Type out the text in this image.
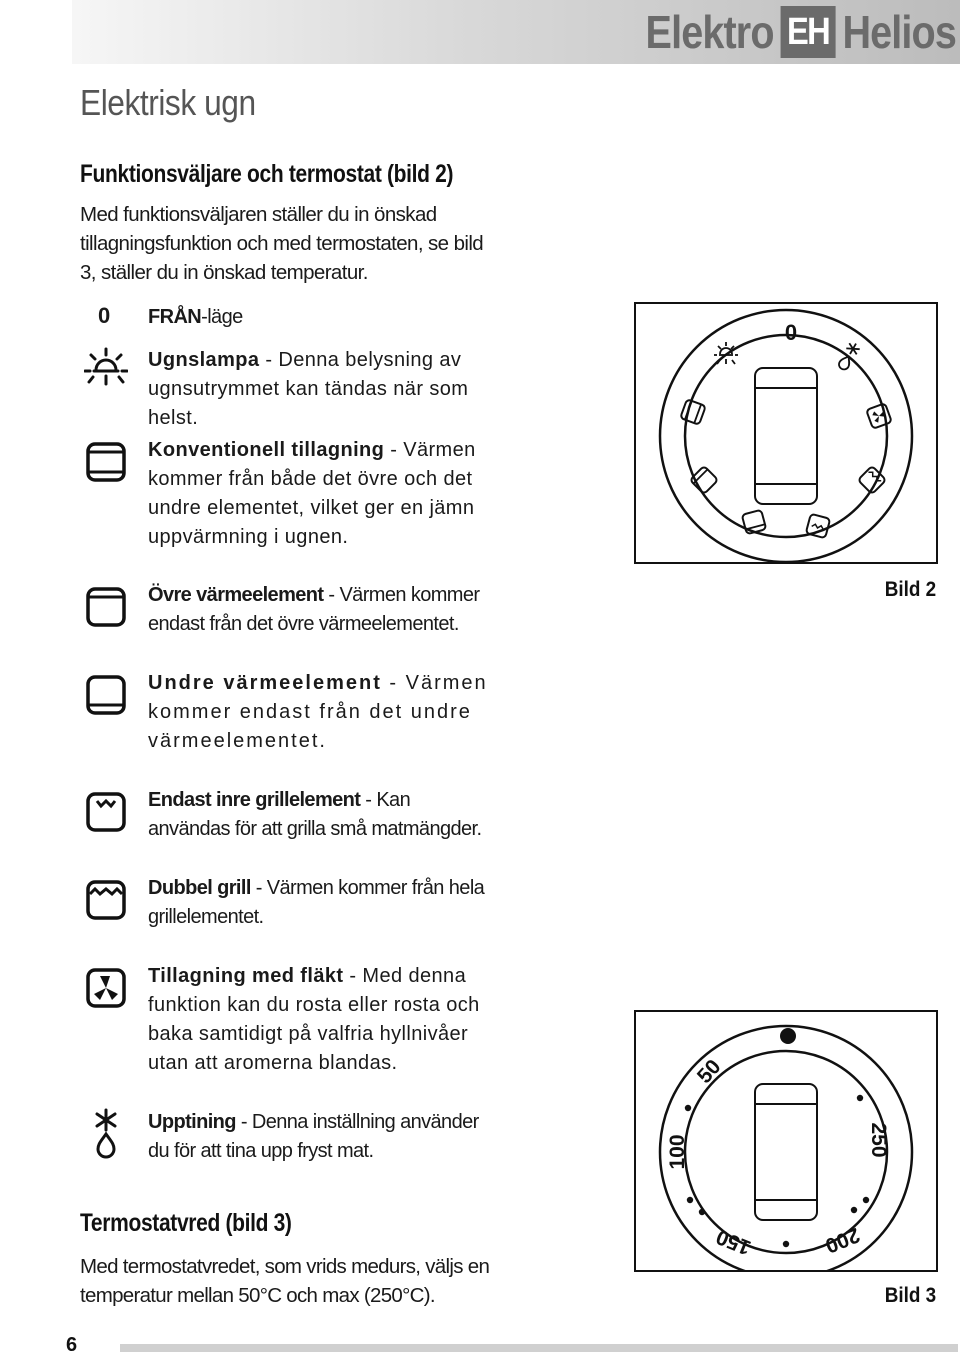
Elektro EH Helios
Elektrisk ugn
Funktionsväljare och termostat (bild 2)
Med funktionsväljaren ställer du in önskad tillagningsfunktion och med termostaten, se bild 3, ställer du in önskad temperatur.
0 FRÅN-läge
Ugnslampa - Denna belysning av ugnsutrymmet kan tändas när som helst.
Konventionell tillagning - Värmen kommer från både det övre och det undre elementet, vilket ger en jämn uppvärmning i ugnen.
Övre värmeelement - Värmen kommer endast från det övre värmeelementet.
Undre värmeelement - Värmen kommer endast från det undre värmeelementet.
Endast inre grillelement - Kan användas för att grilla små matmängder.
Dubbel grill - Värmen kommer från hela grillelementet.
Tillagning med fläkt - Med denna funktion kan du rosta eller rosta och baka samtidigt på valfria hyllnivåer utan att aromerna blandas.
Upptining - Denna inställning använder du för att tina upp fryst mat.
Termostatvred (bild 3)
Med termostatvredet, som vrids medurs, väljs en temperatur mellan 50°C och max (250°C).
0
Bild 2
50
100
150	200
250
Bild 3
6
